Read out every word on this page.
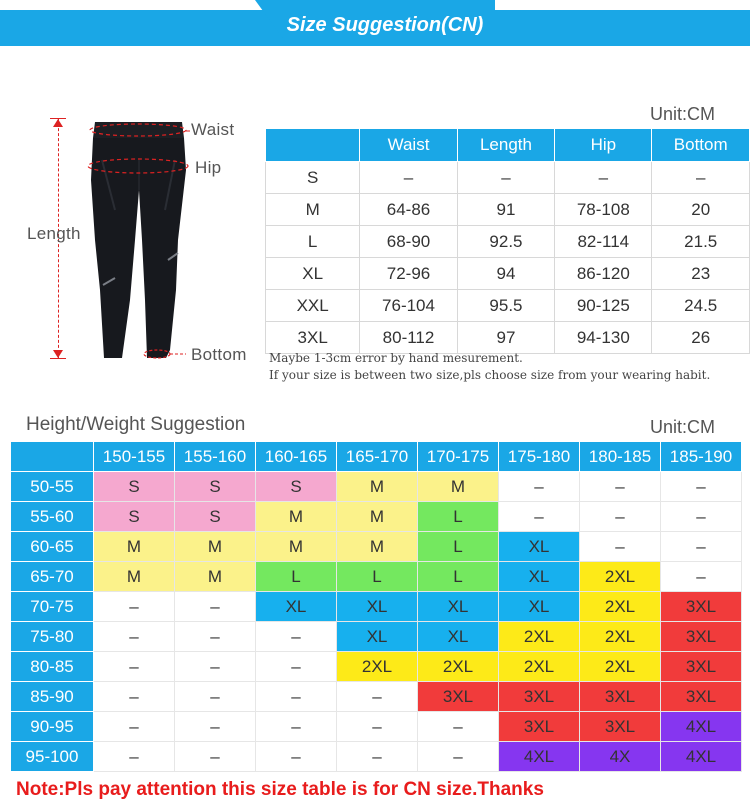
Size Suggestion(CN)
Waist
Hip
Length
Bottom
Unit:CM
	Waist	Length	Hip	Bottom
S	–	–	–	–
M	64-86	91	78-108	20
L	68-90	92.5	82-114	21.5
XL	72-96	94	86-120	23
XXL	76-104	95.5	90-125	24.5
3XL	80-112	97	94-130	26
Maybe 1-3cm error by hand mesurement.
If your size is between two size,pls choose size from your wearing habit.
Height/Weight Suggestion	Unit:CM
	150-155	155-160	160-165	165-170	170-175	175-180	180-185	185-190
50-55	S	S	S	M	M	–	–	–
55-60	S	S	M	M	L	–	–	–
60-65	M	M	M	M	L	XL	–	–
65-70	M	M	L	L	L	XL	2XL	–
70-75	–	–	XL	XL	XL	XL	2XL	3XL
75-80	–	–	–	XL	XL	2XL	2XL	3XL
80-85	–	–	–	2XL	2XL	2XL	2XL	3XL
85-90	–	–	–	–	3XL	3XL	3XL	3XL
90-95	–	–	–	–	–	3XL	3XL	4XL
95-100	–	–	–	–	–	4XL	4X	4XL
Note:Pls pay attention this size table is for CN size.Thanks
